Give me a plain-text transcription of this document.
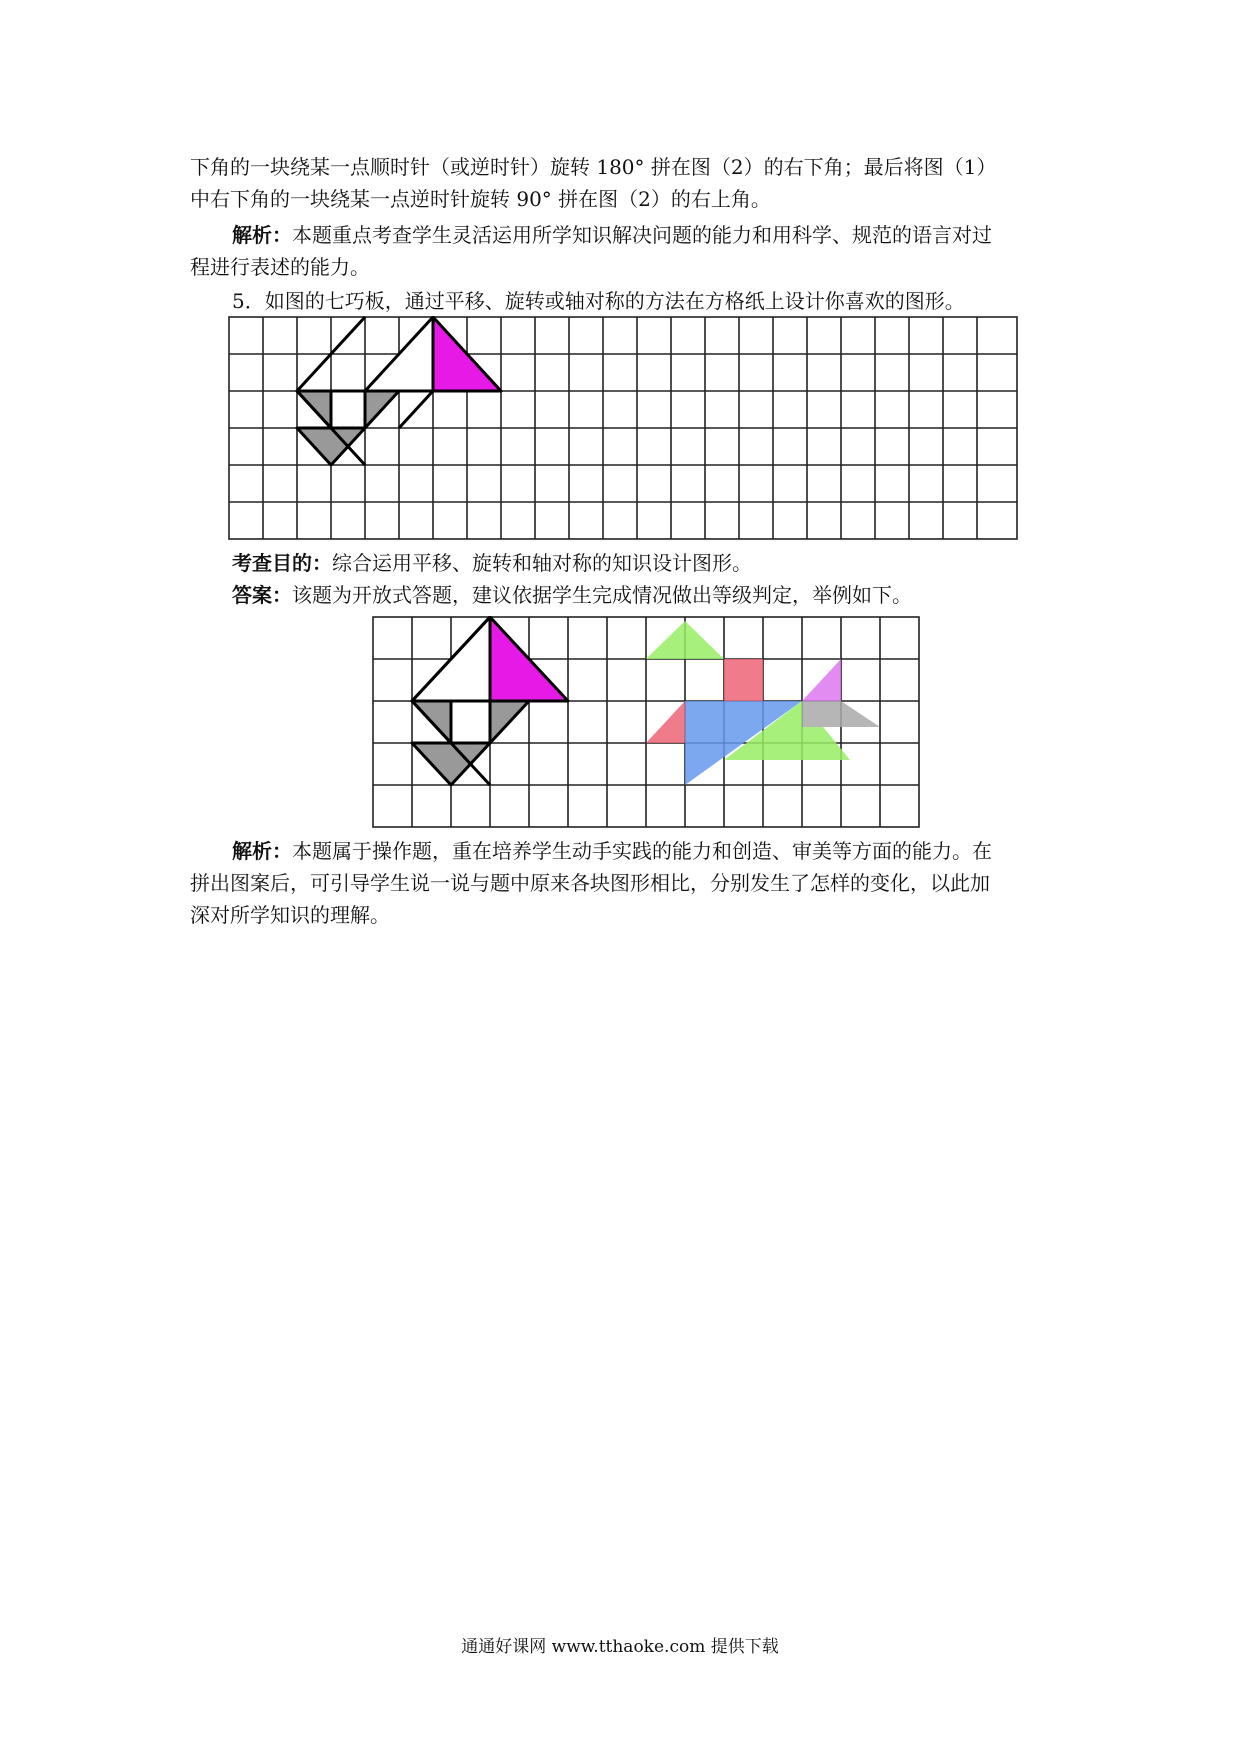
下角的一块绕某一点顺时针（或逆时针）旋转 180° 拼在图（2）的右下角；最后将图（1）
中右下角的一块绕某一点逆时针旋转 90° 拼在图（2）的右上角。
解析：本题重点考查学生灵活运用所学知识解决问题的能力和用科学、规范的语言对过
程进行表述的能力。
5．如图的七巧板，通过平移、旋转或轴对称的方法在方格纸上设计你喜欢的图形。
考查目的：综合运用平移、旋转和轴对称的知识设计图形。
答案：该题为开放式答题，建议依据学生完成情况做出等级判定，举例如下。
解析：本题属于操作题，重在培养学生动手实践的能力和创造、审美等方面的能力。在
拼出图案后，可引导学生说一说与题中原来各块图形相比，分别发生了怎样的变化，以此加
深对所学知识的理解。
通通好课网 www.tthaoke.com 提供下载
